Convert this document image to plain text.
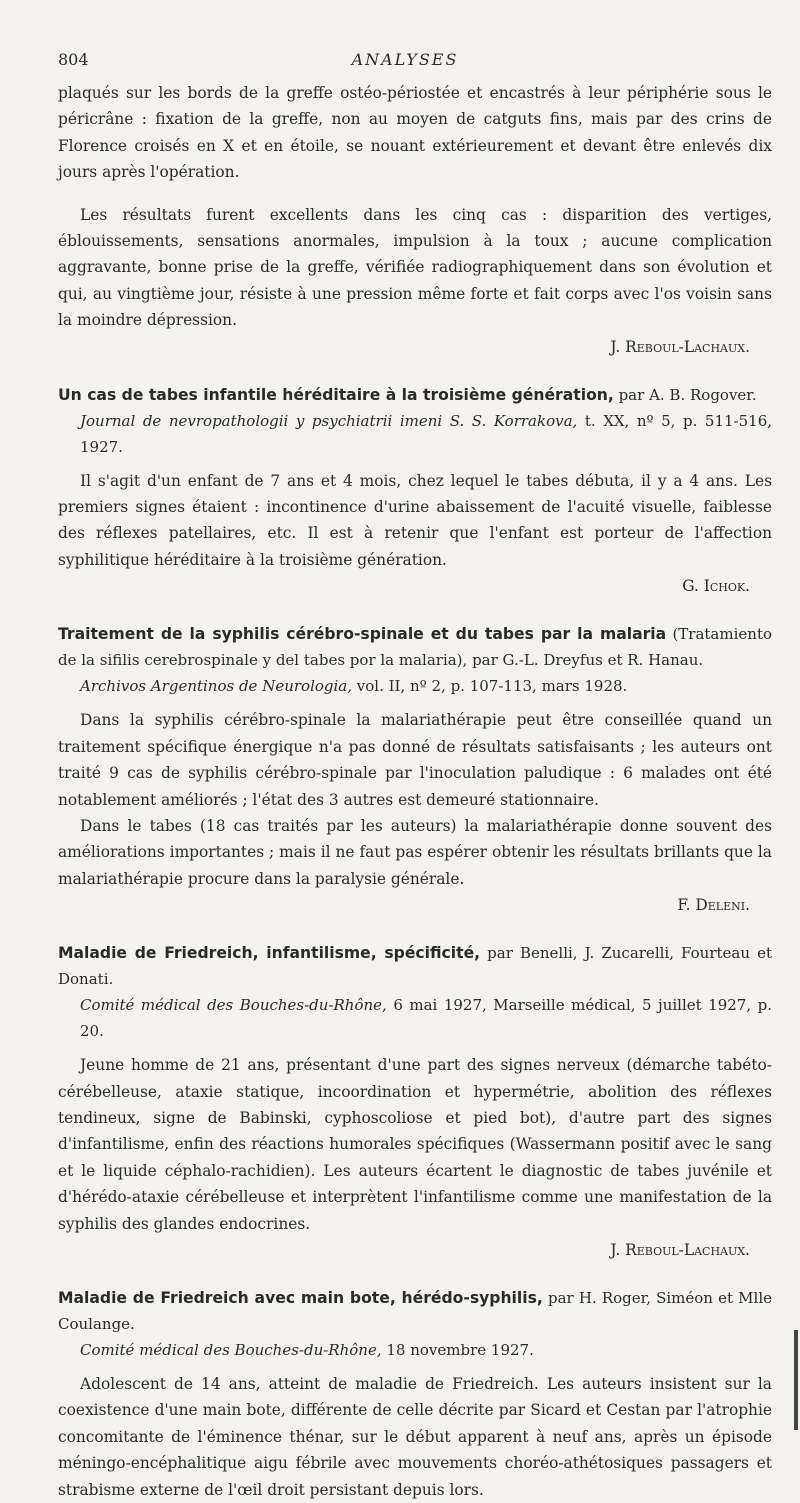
804	ANALYSES

plaqués sur les bords de la greffe ostéo-périostée et encastrés à leur périphérie sous le péricrâne : fixation de la greffe, non au moyen de catguts fins, mais par des crins de Florence croisés en X et en étoile, se nouant extérieurement et devant être enlevés dix jours après l'opération.

Les résultats furent excellents dans les cinq cas : disparition des vertiges, éblouissements, sensations anormales, impulsion à la toux ; aucune complication aggravante, bonne prise de la greffe, vérifiée radiographiquement dans son évolution et qui, au vingtième jour, résiste à une pression même forte et fait corps avec l'os voisin sans la moindre dépression.

J. Reboul-Lachaux.
Un cas de tabes infantile héréditaire à la troisième génération, par A. B. Rogover.
Journal de nevropathologii y psychiatrii imeni S. S. Korrakova, t. XX, nº 5, p. 511-516, 1927.

Il s'agit d'un enfant de 7 ans et 4 mois, chez lequel le tabes débuta, il y a 4 ans. Les premiers signes étaient : incontinence d'urine abaissement de l'acuité visuelle, faiblesse des réflexes patellaires, etc. Il est à retenir que l'enfant est porteur de l'affection syphilitique héréditaire à la troisième génération.

G. Ichok.
Traitement de la syphilis cérébro-spinale et du tabes par la malaria (Tratamiento de la sifilis cerebrospinale y del tabes por la malaria), par G.-L. Dreyfus et R. Hanau.
Archivos Argentinos de Neurologia, vol. II, nº 2, p. 107-113, mars 1928.

Dans la syphilis cérébro-spinale la malariathérapie peut être conseillée quand un traitement spécifique énergique n'a pas donné de résultats satisfaisants ; les auteurs ont traité 9 cas de syphilis cérébro-spinale par l'inoculation paludique : 6 malades ont été notablement améliorés ; l'état des 3 autres est demeuré stationnaire.

Dans le tabes (18 cas traités par les auteurs) la malariathérapie donne souvent des améliorations importantes ; mais il ne faut pas espérer obtenir les résultats brillants que la malariathérapie procure dans la paralysie générale.

F. Deleni.
Maladie de Friedreich, infantilisme, spécificité, par Benelli, J. Zucarelli, Fourteau et Donati.
Comité médical des Bouches-du-Rhône, 6 mai 1927, Marseille médical, 5 juillet 1927, p. 20.

Jeune homme de 21 ans, présentant d'une part des signes nerveux (démarche tabéto-cérébelleuse, ataxie statique, incoordination et hypermétrie, abolition des réflexes tendineux, signe de Babinski, cyphoscoliose et pied bot), d'autre part des signes d'infantilisme, enfin des réactions humorales spécifiques (Wassermann positif avec le sang et le liquide céphalo-rachidien). Les auteurs écartent le diagnostic de tabes juvénile et d'hérédo-ataxie cérébelleuse et interprètent l'infantilisme comme une manifestation de la syphilis des glandes endocrines.

J. Reboul-Lachaux.
Maladie de Friedreich avec main bote, hérédo-syphilis, par H. Roger, Siméon et Mlle Coulange.
Comité médical des Bouches-du-Rhône, 18 novembre 1927.

Adolescent de 14 ans, atteint de maladie de Friedreich. Les auteurs insistent sur la coexistence d'une main bote, différente de celle décrite par Sicard et Cestan par l'atrophie concomitante de l'éminence thénar, sur le début apparent à neuf ans, après un épisode méningo-encéphalitique aigu fébrile avec mouvements choréo-athétosiques passagers et strabisme externe de l'œil droit persistant depuis lors.
